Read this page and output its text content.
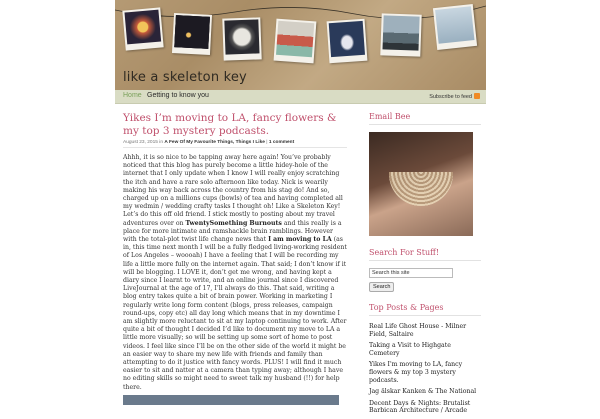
like a skeleton key
Home Getting to know you	Subscribe to feed
Yikes I’m moving to LA, fancy flowers & my top 3 mystery podcasts.
August 23, 2015 in A Few Of My Favourite Things, Things I Like | 1 comment
Ahhh, it is so nice to be tapping away here again! You’ve probably noticed that this blog has purely become a little hidey-hole of the internet that I only update when I know I will really enjoy scratching the itch and have a rare solo afternoon like today. Nick is wearily making his way back across the country from his stag do! And so, charged up on a millions cups (bowls) of tea and having completed all my wedmin / wedding crafty tasks I thought oh! Like a Skeleton Key! Let’s do this off old friend. I stick mostly to posting about my travel adventures over on TwentySomething Burnouts and this really is a place for more intimate and ramshackle brain ramblings. However with the total-plot twist life change news that I am moving to LA (as in, this time next month I will be a fully fledged living-working resident of Los Angeles – woooah) I have a feeling that I will be recording my life a little more fully on the internet again. That said; I don’t know if it will be blogging. I LOVE it, don’t get me wrong, and having kept a diary since I learnt to write, and an online journal since I discovered LiveJournal at the age of 17, I’ll always do this. That said, writing a blog entry takes quite a bit of brain power. Working in marketing I regularly write long form content (blogs, press releases, campaign round-ups, copy etc) all day long which means that in my downtime I am slightly more reluctant to sit at my laptop continuing to work. After quite a bit of thought I decided I’d like to document my move to LA a little more visually; so will be setting up some sort of home to post videos. I feel like since I’ll be on the other side of the world it might be an easier way to share my new life with friends and family than attempting to do it justice with fancy words. PLUS! I will find it much easier to sit and natter at a camera than typing away; although I have no editing skills so might need to sweet talk my husband (!!) for help there.
Email Bee
Search For Stuff!
Search this site
Search
Top Posts & Pages
Real Life Ghost House - Milner Field, Saltaire
Taking a Visit to Highgate Cemetery
Yikes I'm moving to LA, fancy flowers & my top 3 mystery podcasts.
Jag älskar Kanken & The National
Decent Days & Nights: Brutalist Barbican Architecture / Arcade
